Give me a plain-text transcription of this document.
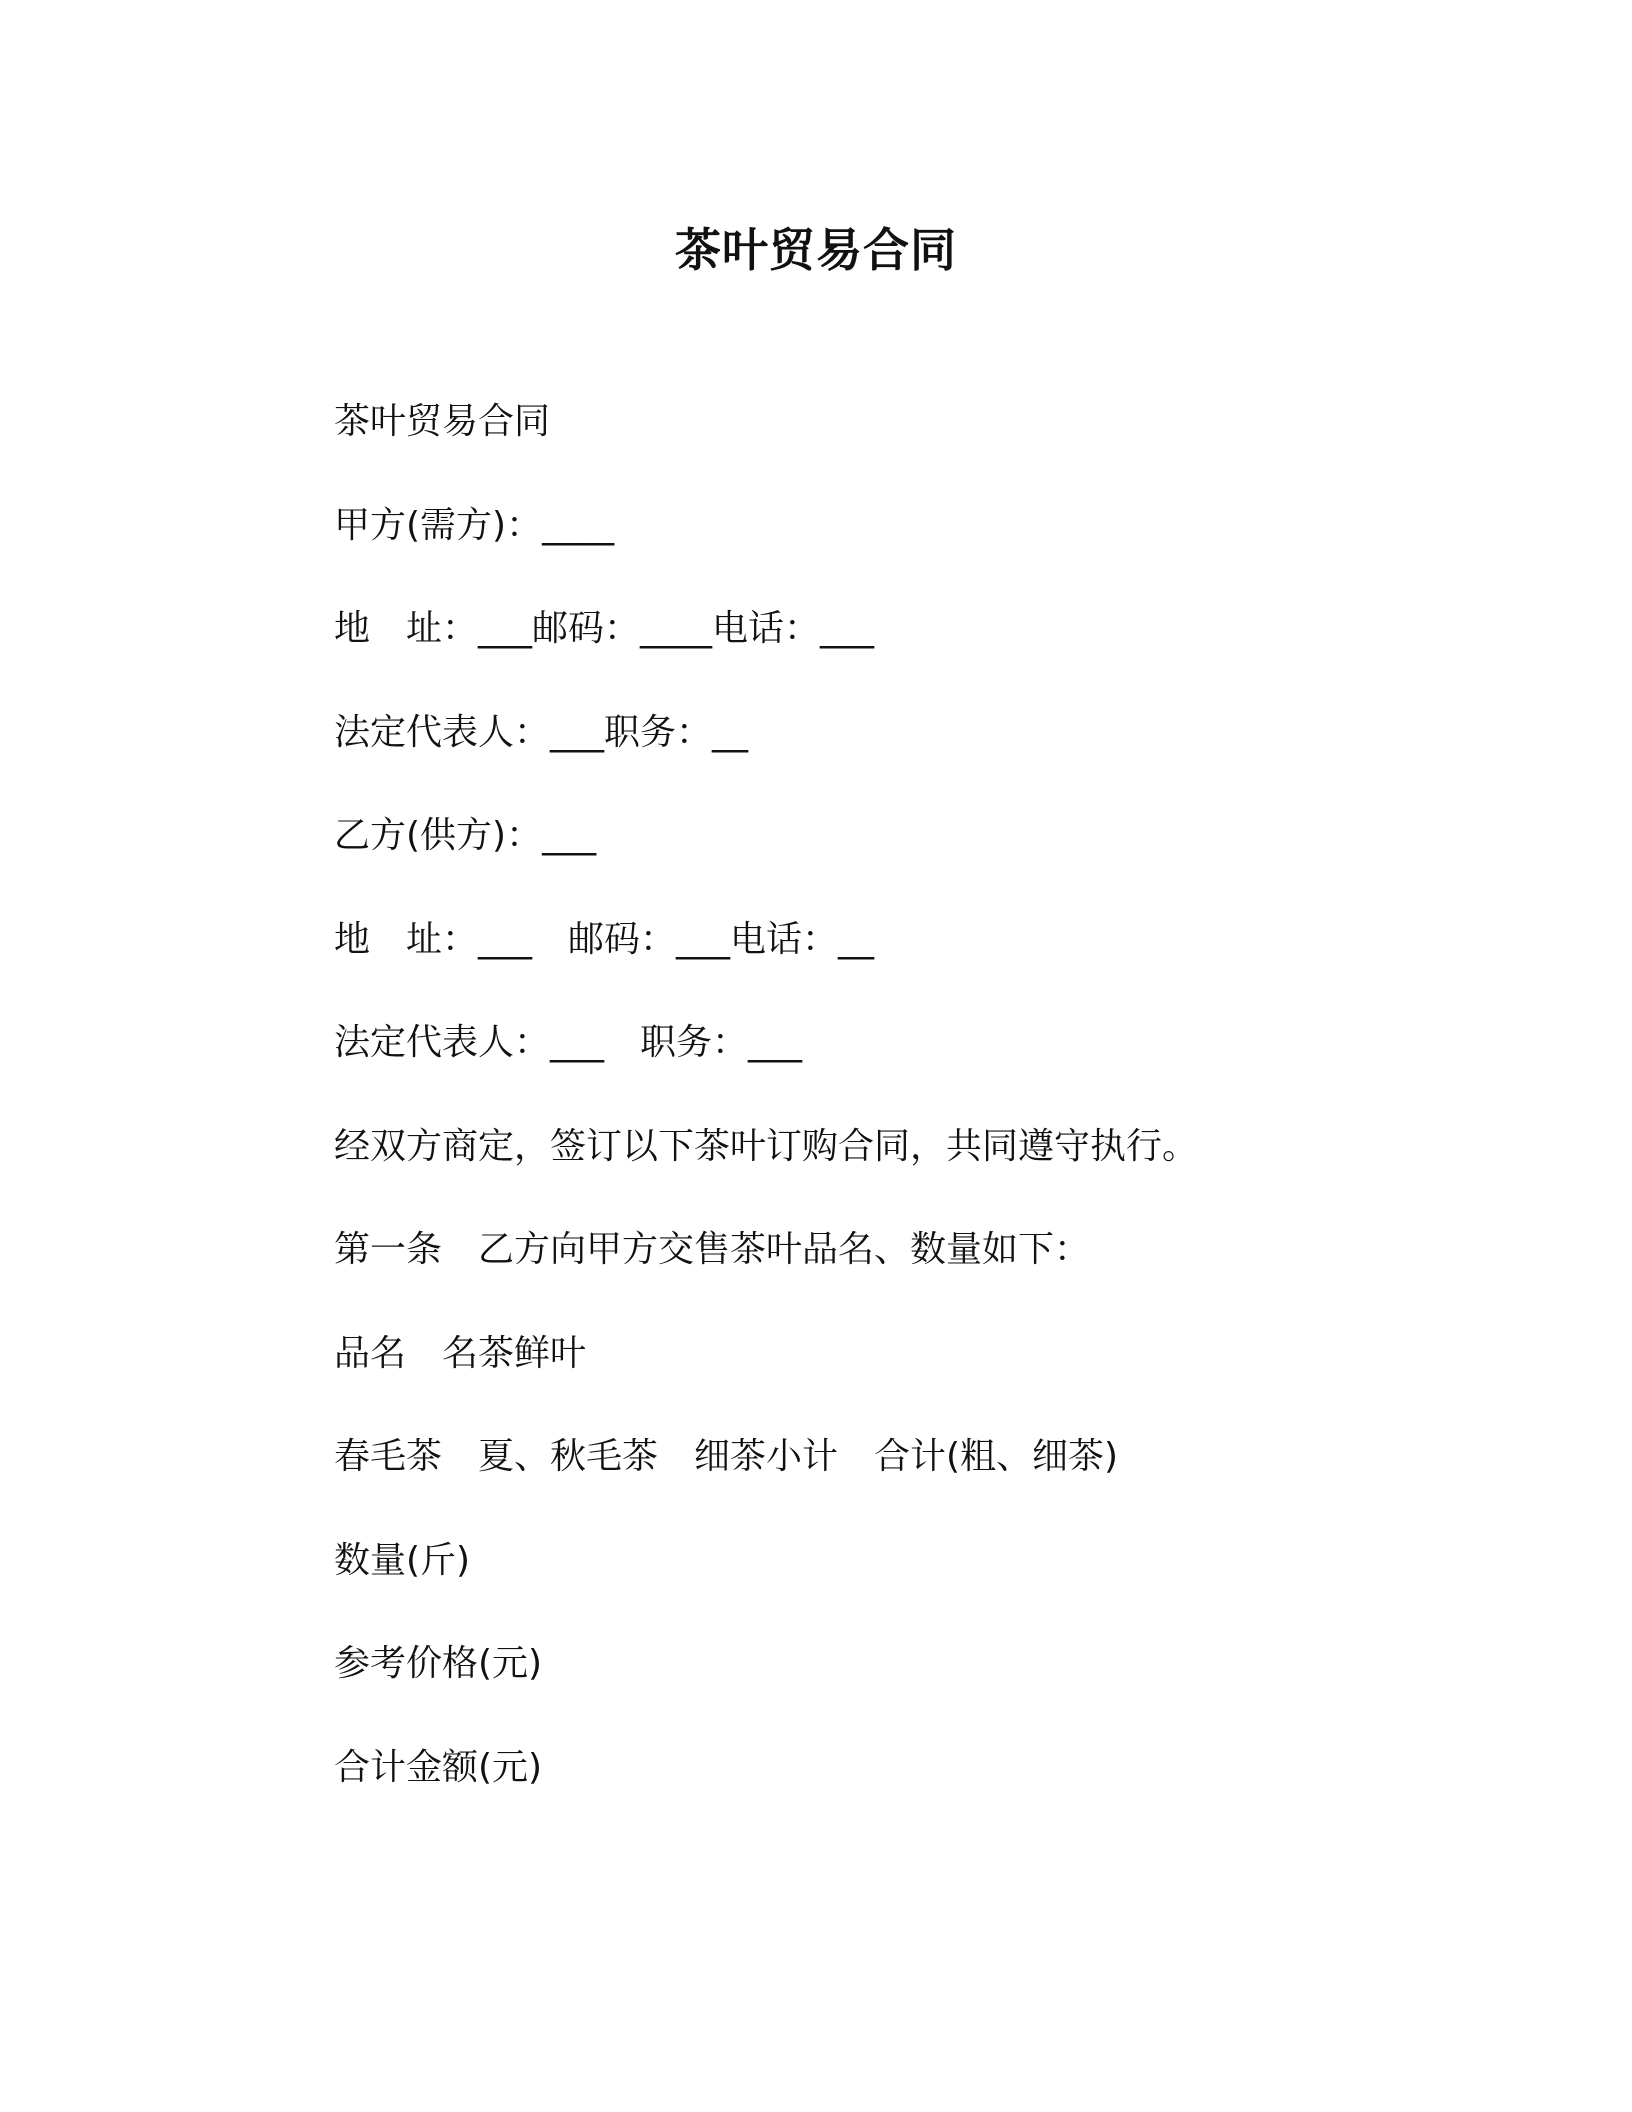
茶叶贸易合同
茶叶贸易合同
甲方(需方)：____
地　址：___邮码：____电话：___
法定代表人：___职务：__
乙方(供方)：___
地　址：___　邮码：___电话：__
法定代表人：___　职务：___
经双方商定，签订以下茶叶订购合同，共同遵守执行。
第一条　乙方向甲方交售茶叶品名、数量如下：
品名　名茶鲜叶
春毛茶　夏、秋毛茶　细茶小计　合计(粗、细茶)
数量(斤)
参考价格(元)
合计金额(元)
